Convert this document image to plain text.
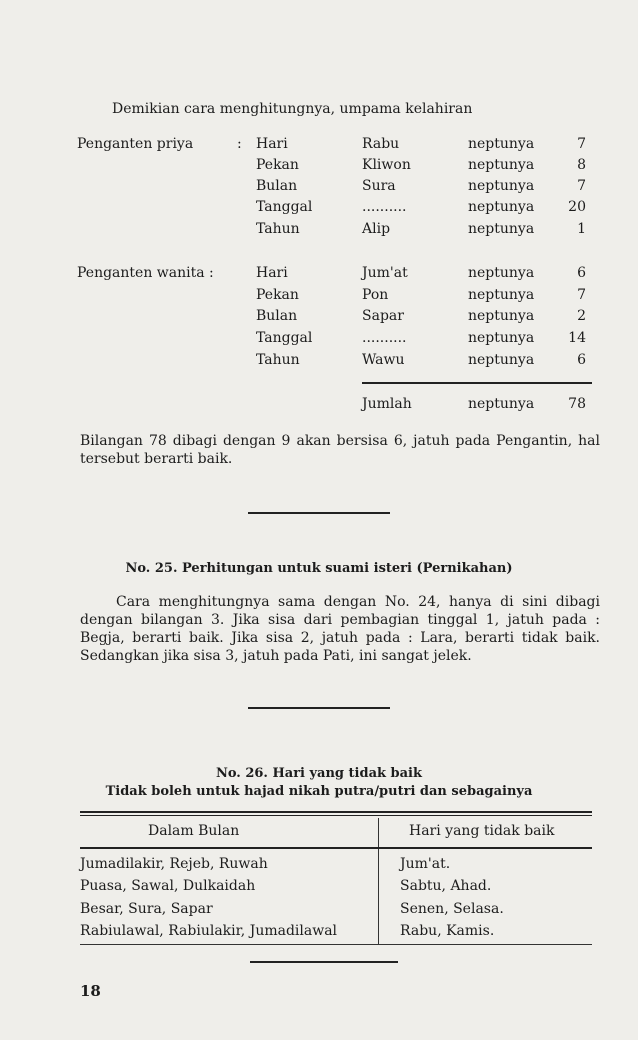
Demikian cara menghitungnya, umpama kelahiran
Penganten priya	: Hari	Rabu	neptunya	7
Pekan	Kliwon	neptunya	8
Bulan	Sura	neptunya	7
Tanggal	..........	neptunya	20
Tahun	Alip	neptunya	1
Penganten wanita :	Hari	Jum'at	neptunya	6
Pekan	Pon	neptunya	7
Bulan	Sapar	neptunya	2
Tanggal	..........	neptunya	14
Tahun	Wawu	neptunya	6
Jumlah	neptunya	78
Bilangan 78 dibagi dengan 9 akan bersisa 6, jatuh pada Pengantin, hal tersebut berarti baik.
No. 25. Perhitungan untuk suami isteri (Pernikahan)
Cara menghitungnya sama dengan No. 24, hanya di sini dibagi dengan bilangan 3. Jika sisa dari pembagian tinggal 1, jatuh pada : Begja, berarti baik. Jika sisa 2, jatuh pada : Lara, berarti tidak baik. Sedangkan jika sisa 3, jatuh pada Pati, ini sangat jelek.
No. 26. Hari yang tidak baik
Tidak boleh untuk hajad nikah putra/putri dan sebagainya
Dalam Bulan	Hari yang tidak baik
Jumadilakir, Rejeb, Ruwah	Jum'at.
Puasa, Sawal, Dulkaidah	Sabtu, Ahad.
Besar, Sura, Sapar	Senen, Selasa.
Rabiulawal, Rabiulakir, Jumadilawal	Rabu, Kamis.
18
